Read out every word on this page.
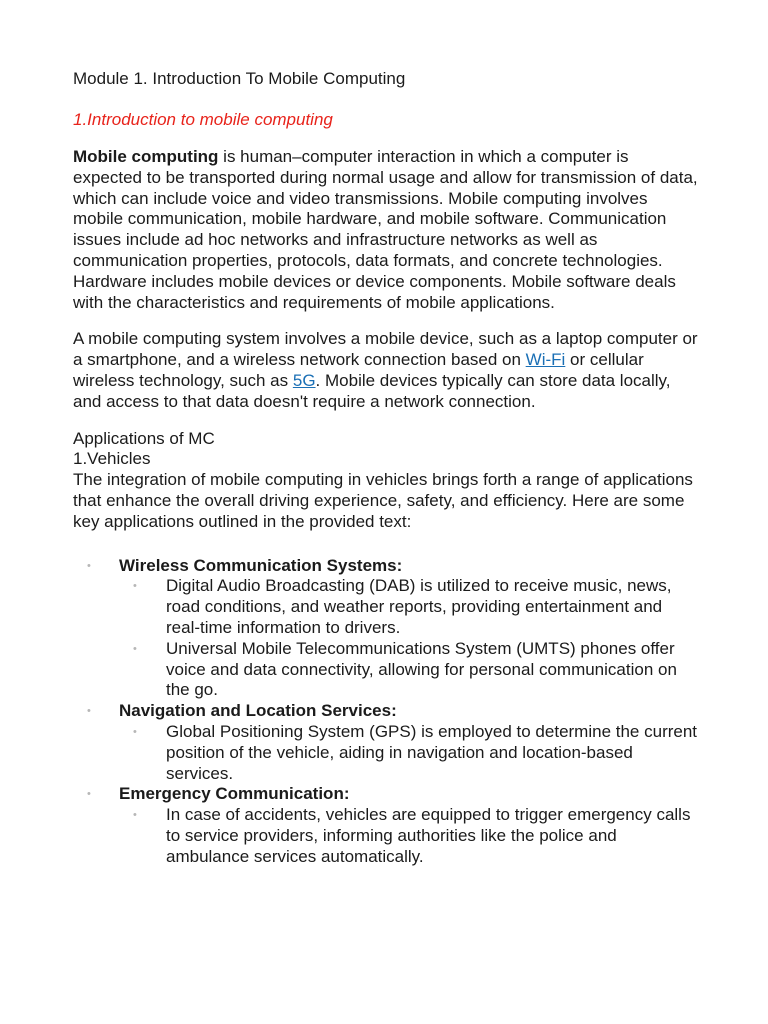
Module 1. Introduction To Mobile Computing
1.Introduction to mobile computing

Mobile computing is human–computer interaction in which a computer is expected to be transported during normal usage and allow for transmission of data, which can include voice and video transmissions. Mobile computing involves mobile communication, mobile hardware, and mobile software. Communication issues include ad hoc networks and infrastructure networks as well as communication properties, protocols, data formats, and concrete technologies. Hardware includes mobile devices or device components. Mobile software deals with the characteristics and requirements of mobile applications.

A mobile computing system involves a mobile device, such as a laptop computer or a smartphone, and a wireless network connection based on Wi-Fi or cellular wireless technology, such as 5G. Mobile devices typically can store data locally, and access to that data doesn't require a network connection.

Applications of MC
1.Vehicles
The integration of mobile computing in vehicles brings forth a range of applications that enhance the overall driving experience, safety, and efficiency. Here are some key applications outlined in the provided text:
• Wireless Communication Systems:
• Digital Audio Broadcasting (DAB) is utilized to receive music, news, road conditions, and weather reports, providing entertainment and real-time information to drivers.
• Universal Mobile Telecommunications System (UMTS) phones offer voice and data connectivity, allowing for personal communication on the go.
• Navigation and Location Services:
• Global Positioning System (GPS) is employed to determine the current position of the vehicle, aiding in navigation and location-based services.
• Emergency Communication:
• In case of accidents, vehicles are equipped to trigger emergency calls to service providers, informing authorities like the police and ambulance services automatically.
